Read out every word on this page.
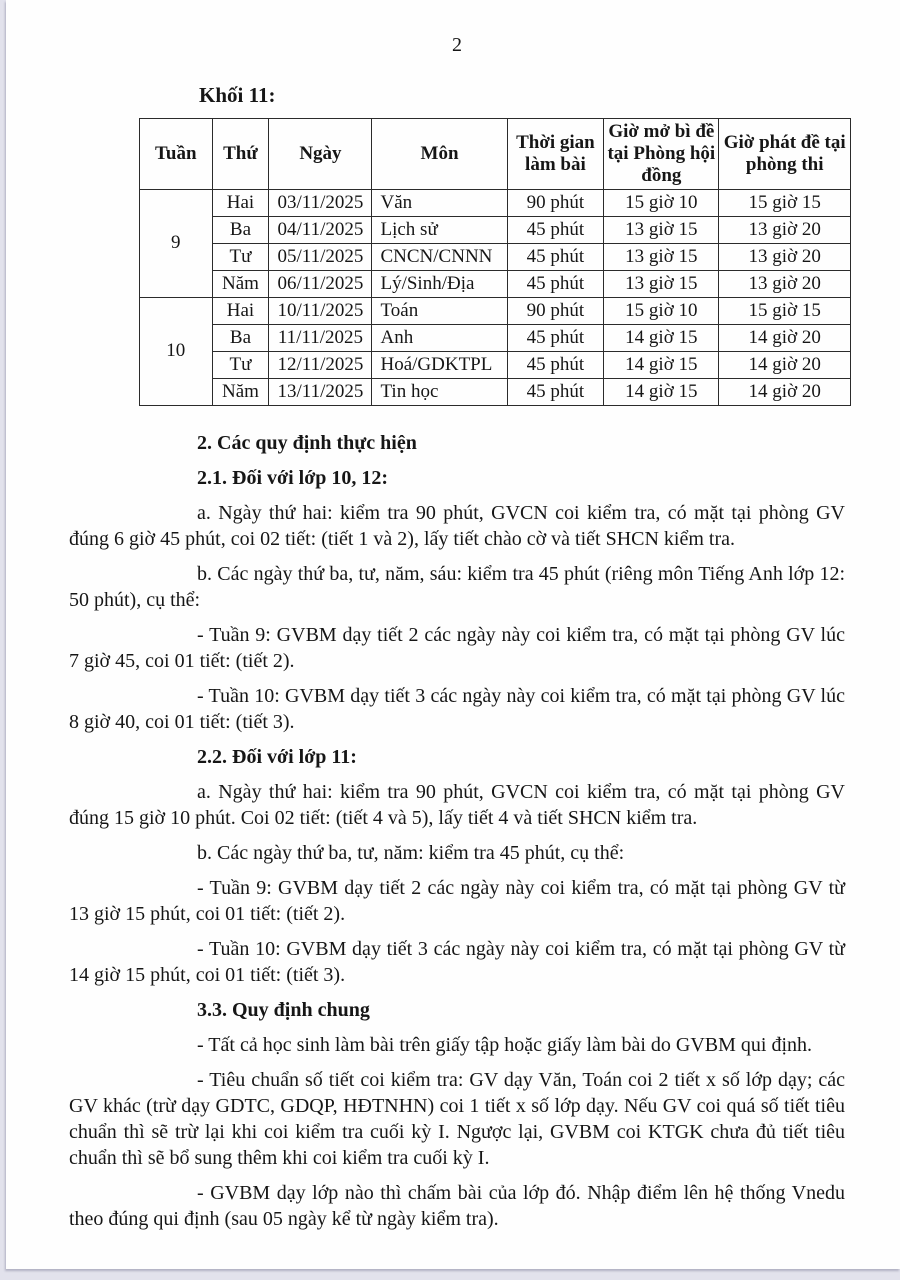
2
Khối 11:
Tuần	Thứ	Ngày	Môn	Thời gian làm bài	Giờ mở bì đề tại Phòng hội đồng	Giờ phát đề tại phòng thi
9	Hai	03/11/2025	Văn	90 phút	15 giờ 10	15 giờ 15
	Ba	04/11/2025	Lịch sử	45 phút	13 giờ 15	13 giờ 20
	Tư	05/11/2025	CNCN/CNNN	45 phút	13 giờ 15	13 giờ 20
	Năm	06/11/2025	Lý/Sinh/Địa	45 phút	13 giờ 15	13 giờ 20
10	Hai	10/11/2025	Toán	90 phút	15 giờ 10	15 giờ 15
	Ba	11/11/2025	Anh	45 phút	14 giờ 15	14 giờ 20
	Tư	12/11/2025	Hoá/GDKTPL	45 phút	14 giờ 15	14 giờ 20
	Năm	13/11/2025	Tin học	45 phút	14 giờ 15	14 giờ 20
2. Các quy định thực hiện
2.1. Đối với lớp 10, 12:
a. Ngày thứ hai: kiểm tra 90 phút, GVCN coi kiểm tra, có mặt tại phòng GV đúng 6 giờ 45 phút, coi 02 tiết: (tiết 1 và 2), lấy tiết chào cờ và tiết SHCN kiểm tra.
b. Các ngày thứ ba, tư, năm, sáu: kiểm tra 45 phút (riêng môn Tiếng Anh lớp 12: 50 phút), cụ thể:
- Tuần 9: GVBM dạy tiết 2 các ngày này coi kiểm tra, có mặt tại phòng GV lúc 7 giờ 45, coi 01 tiết: (tiết 2).
- Tuần 10: GVBM dạy tiết 3 các ngày này coi kiểm tra, có mặt tại phòng GV lúc 8 giờ 40, coi 01 tiết: (tiết 3).
2.2. Đối với lớp 11:
a. Ngày thứ hai: kiểm tra 90 phút, GVCN coi kiểm tra, có mặt tại phòng GV đúng 15 giờ 10 phút. Coi 02 tiết: (tiết 4 và 5), lấy tiết 4 và tiết SHCN kiểm tra.
b. Các ngày thứ ba, tư, năm: kiểm tra 45 phút, cụ thể:
- Tuần 9: GVBM dạy tiết 2 các ngày này coi kiểm tra, có mặt tại phòng GV từ 13 giờ 15 phút, coi 01 tiết: (tiết 2).
- Tuần 10: GVBM dạy tiết 3 các ngày này coi kiểm tra, có mặt tại phòng GV từ 14 giờ 15 phút, coi 01 tiết: (tiết 3).
3.3. Quy định chung
- Tất cả học sinh làm bài trên giấy tập hoặc giấy làm bài do GVBM qui định.
- Tiêu chuẩn số tiết coi kiểm tra: GV dạy Văn, Toán coi 2 tiết x số lớp dạy; các GV khác (trừ dạy GDTC, GDQP, HĐTNHN) coi 1 tiết x số lớp dạy. Nếu GV coi quá số tiết tiêu chuẩn thì sẽ trừ lại khi coi kiểm tra cuối kỳ I. Ngược lại, GVBM coi KTGK chưa đủ tiết tiêu chuẩn thì sẽ bổ sung thêm khi coi kiểm tra cuối kỳ I.
- GVBM dạy lớp nào thì chấm bài của lớp đó. Nhập điểm lên hệ thống Vnedu theo đúng qui định (sau 05 ngày kể từ ngày kiểm tra).
